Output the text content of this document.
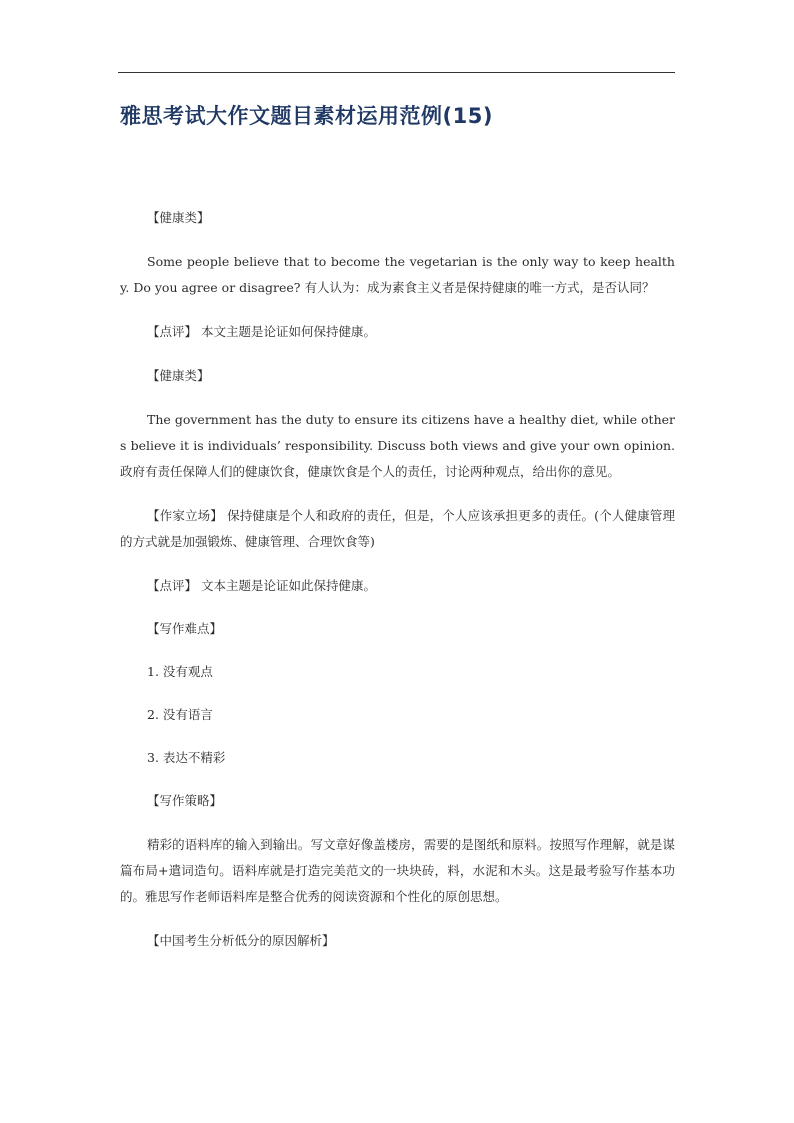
雅思考试大作文题目素材运用范例(15)

【健康类】

Some people believe that to become the vegetarian is the only way to keep healthy. Do you agree or disagree? 有人认为：成为素食主义者是保持健康的唯一方式，是否认同？

【点评】 本文主题是论证如何保持健康。

【健康类】

The government has the duty to ensure its citizens have a healthy diet, while others believe it is individuals’ responsibility. Discuss both views and give your own opinion. 政府有责任保障人们的健康饮食，健康饮食是个人的责任，讨论两种观点，给出你的意见。

【作家立场】 保持健康是个人和政府的责任，但是，个人应该承担更多的责任。(个人健康管理的方式就是加强锻炼、健康管理、合理饮食等)

【点评】 文本主题是论证如此保持健康。

【写作难点】

1. 没有观点

2. 没有语言

3. 表达不精彩

【写作策略】

精彩的语料库的输入到输出。写文章好像盖楼房，需要的是图纸和原料。按照写作理解，就是谋篇布局+遣词造句。语料库就是打造完美范文的一块块砖，料，水泥和木头。这是最考验写作基本功的。雅思写作老师语料库是整合优秀的阅读资源和个性化的原创思想。

【中国考生分析低分的原因解析】
